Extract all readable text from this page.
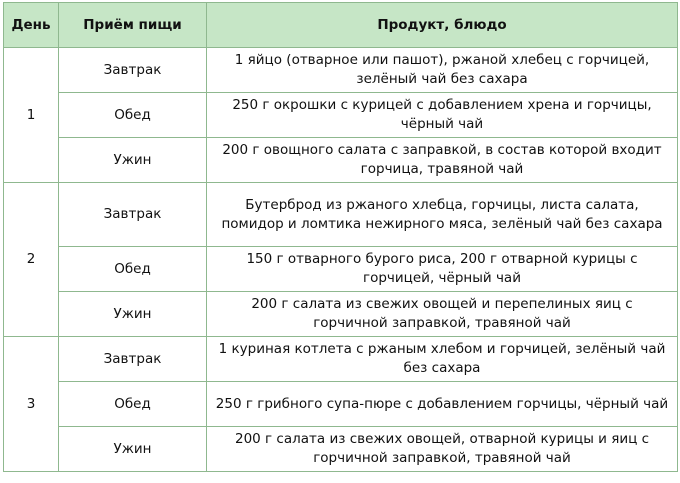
День	Приём пищи	Продукт, блюдо
1	Завтрак	1 яйцо (отварное или пашот), ржаной хлебец с горчицей, зелёный чай без сахара
	Обед	250 г окрошки с курицей с добавлением хрена и горчицы, чёрный чай
	Ужин	200 г овощного салата с заправкой, в состав которой входит горчица, травяной чай
2	Завтрак	Бутерброд из ржаного хлебца, горчицы, листа салата, помидор и ломтика нежирного мяса, зелёный чай без сахара
	Обед	150 г отварного бурого риса, 200 г отварной курицы с горчицей, чёрный чай
	Ужин	200 г салата из свежих овощей и перепелиных яиц с горчичной заправкой, травяной чай
3	Завтрак	1 куриная котлета с ржаным хлебом и горчицей, зелёный чай без сахара
	Обед	250 г грибного супа-пюре с добавлением горчицы, чёрный чай
	Ужин	200 г салата из свежих овощей, отварной курицы и яиц с горчичной заправкой, травяной чай
